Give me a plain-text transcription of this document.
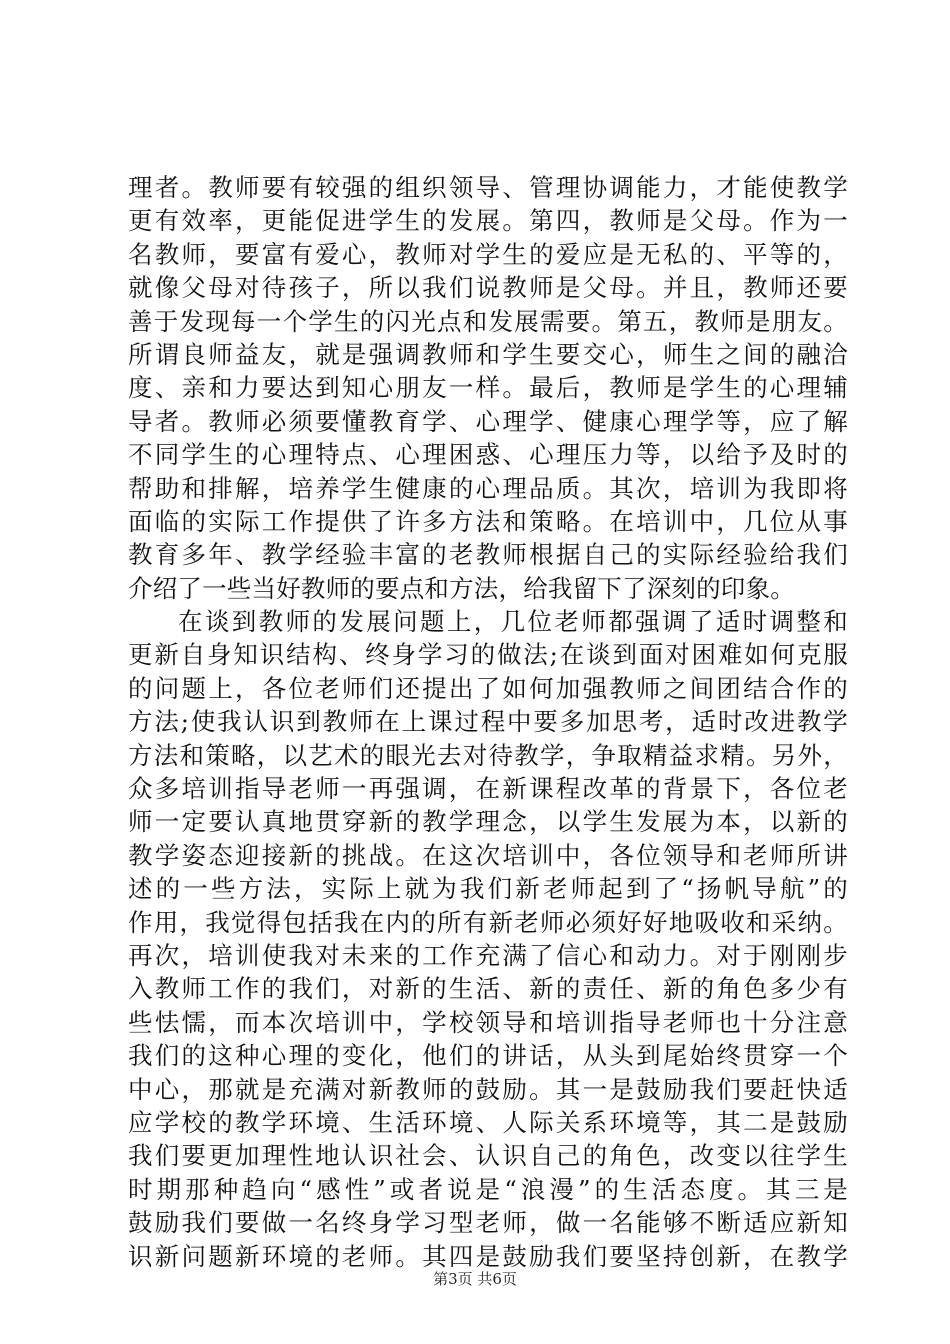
理者。教师要有较强的组织领导、管理协调能力，才能使教学
更有效率，更能促进学生的发展。第四，教师是父母。作为一
名教师，要富有爱心，教师对学生的爱应是无私的、平等的，
就像父母对待孩子，所以我们说教师是父母。并且，教师还要
善于发现每一个学生的闪光点和发展需要。第五，教师是朋友。
所谓良师益友，就是强调教师和学生要交心，师生之间的融洽
度、亲和力要达到知心朋友一样。最后，教师是学生的心理辅
导者。教师必须要懂教育学、心理学、健康心理学等，应了解
不同学生的心理特点、心理困惑、心理压力等，以给予及时的
帮助和排解，培养学生健康的心理品质。其次，培训为我即将
面临的实际工作提供了许多方法和策略。在培训中，几位从事
教育多年、教学经验丰富的老教师根据自己的实际经验给我们
介绍了一些当好教师的要点和方法，给我留下了深刻的印象。
在谈到教师的发展问题上，几位老师都强调了适时调整和
更新自身知识结构、终身学习的做法;在谈到面对困难如何克服
的问题上，各位老师们还提出了如何加强教师之间团结合作的
方法;使我认识到教师在上课过程中要多加思考，适时改进教学
方法和策略，以艺术的眼光去对待教学，争取精益求精。另外，
众多培训指导老师一再强调，在新课程改革的背景下，各位老
师一定要认真地贯穿新的教学理念，以学生发展为本，以新的
教学姿态迎接新的挑战。在这次培训中，各位领导和老师所讲
述的一些方法，实际上就为我们新老师起到了“扬帆导航”的
作用，我觉得包括我在内的所有新老师必须好好地吸收和采纳。
再次，培训使我对未来的工作充满了信心和动力。对于刚刚步
入教师工作的我们，对新的生活、新的责任、新的角色多少有
些怯懦，而本次培训中，学校领导和培训指导老师也十分注意
我们的这种心理的变化，他们的讲话，从头到尾始终贯穿一个
中心，那就是充满对新教师的鼓励。其一是鼓励我们要赶快适
应学校的教学环境、生活环境、人际关系环境等，其二是鼓励
我们要更加理性地认识社会、认识自己的角色，改变以往学生
时期那种趋向“感性”或者说是“浪漫”的生活态度。其三是
鼓励我们要做一名终身学习型老师，做一名能够不断适应新知
识新问题新环境的老师。其四是鼓励我们要坚持创新，在教学
第3页 共6页
